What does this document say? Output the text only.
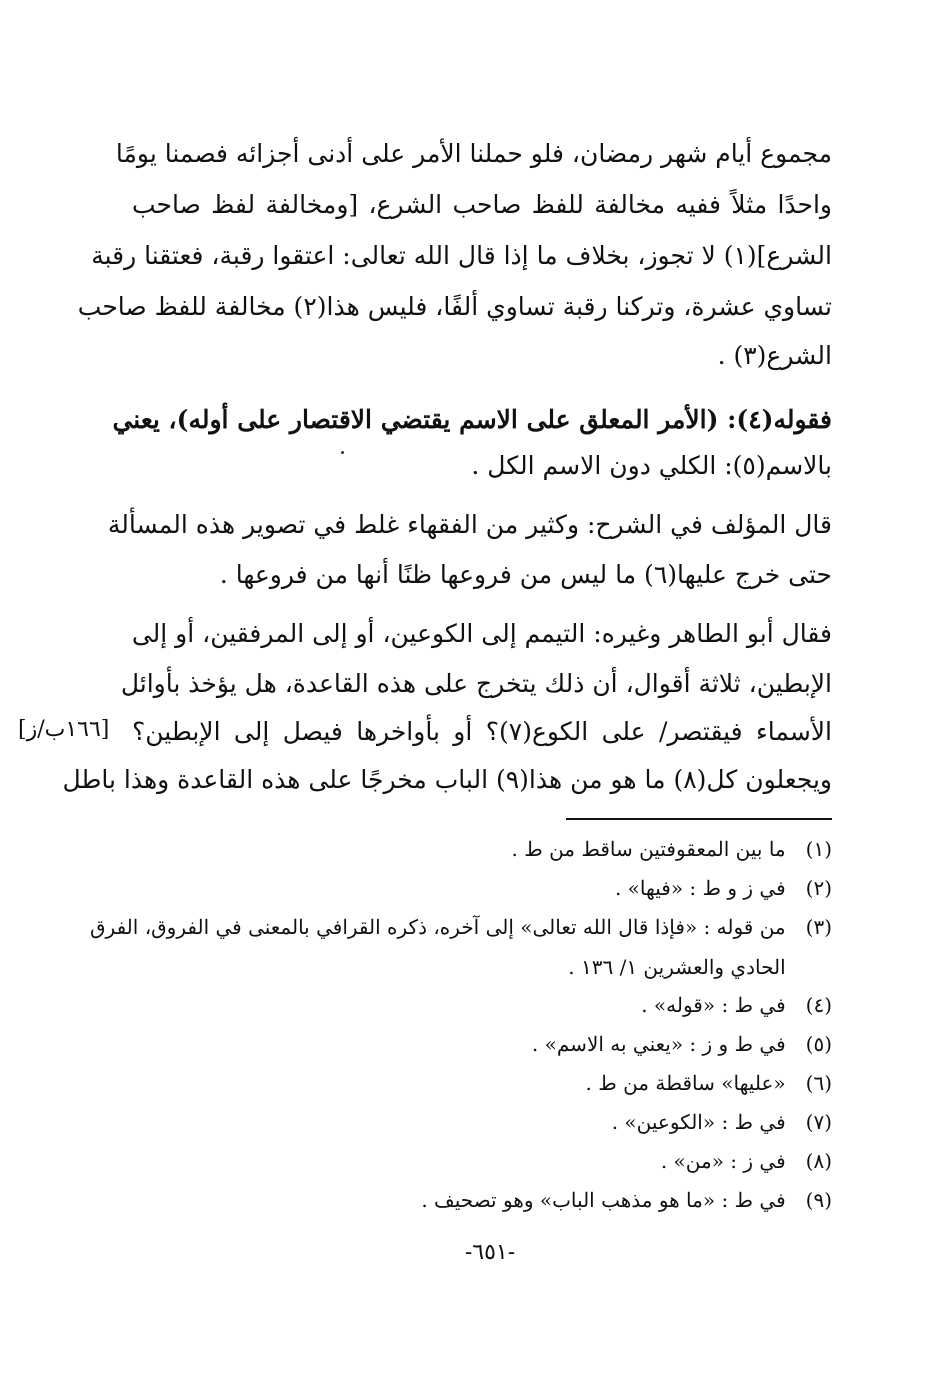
مجموع أيام شهر رمضان، فلو حملنا الأمر على أدنى أجزائه فصمنا يومًا
واحدًا مثلاً ففيه مخالفة للفظ صاحب الشرع، [ومخالفة لفظ صاحب
الشرع](١) لا تجوز، بخلاف ما إذا قال الله تعالى: اعتقوا رقبة، فعتقنا رقبة
تساوي عشرة، وتركنا رقبة تساوي ألفًا، فليس هذا(٢) مخالفة للفظ صاحب
الشرع(٣) .
فقوله(٤): (الأمر المعلق على الاسم يقتضي الاقتصار على أوله)، يعني
بالاسم(٥): الكلي دون الاسم الكل .
قال المؤلف في الشرح: وكثير من الفقهاء غلط في تصوير هذه المسألة
حتى خرج عليها(٦) ما ليس من فروعها ظنًا أنها من فروعها .
فقال أبو الطاهر وغيره: التيمم إلى الكوعين، أو إلى المرفقين، أو إلى
الإبطين، ثلاثة أقوال، أن ذلك يتخرج على هذه القاعدة، هل يؤخذ بأوائل
الأسماء فيقتصر/ على الكوع(٧)؟ أو بأواخرها فيصل إلى الإبطين؟
[١٦٦ب/ز]
ويجعلون كل(٨) ما هو من هذا(٩) الباب مخرجًا على هذه القاعدة وهذا باطل
(١) ما بين المعقوفتين ساقط من ط .
(٢) في ز و ط : «فيها» .
(٣) من قوله : «فإذا قال الله تعالى» إلى آخره، ذكره القرافي بالمعنى في الفروق، الفرق
الحادي والعشرين ١/ ١٣٦ .
(٤) في ط : «قوله» .
(٥) في ط و ز : «يعني به الاسم» .
(٦) «عليها» ساقطة من ط .
(٧) في ط : «الكوعين» .
(٨) في ز : «من» .
(٩) في ط : «ما هو مذهب الباب» وهو تصحيف .
-٦٥١-
